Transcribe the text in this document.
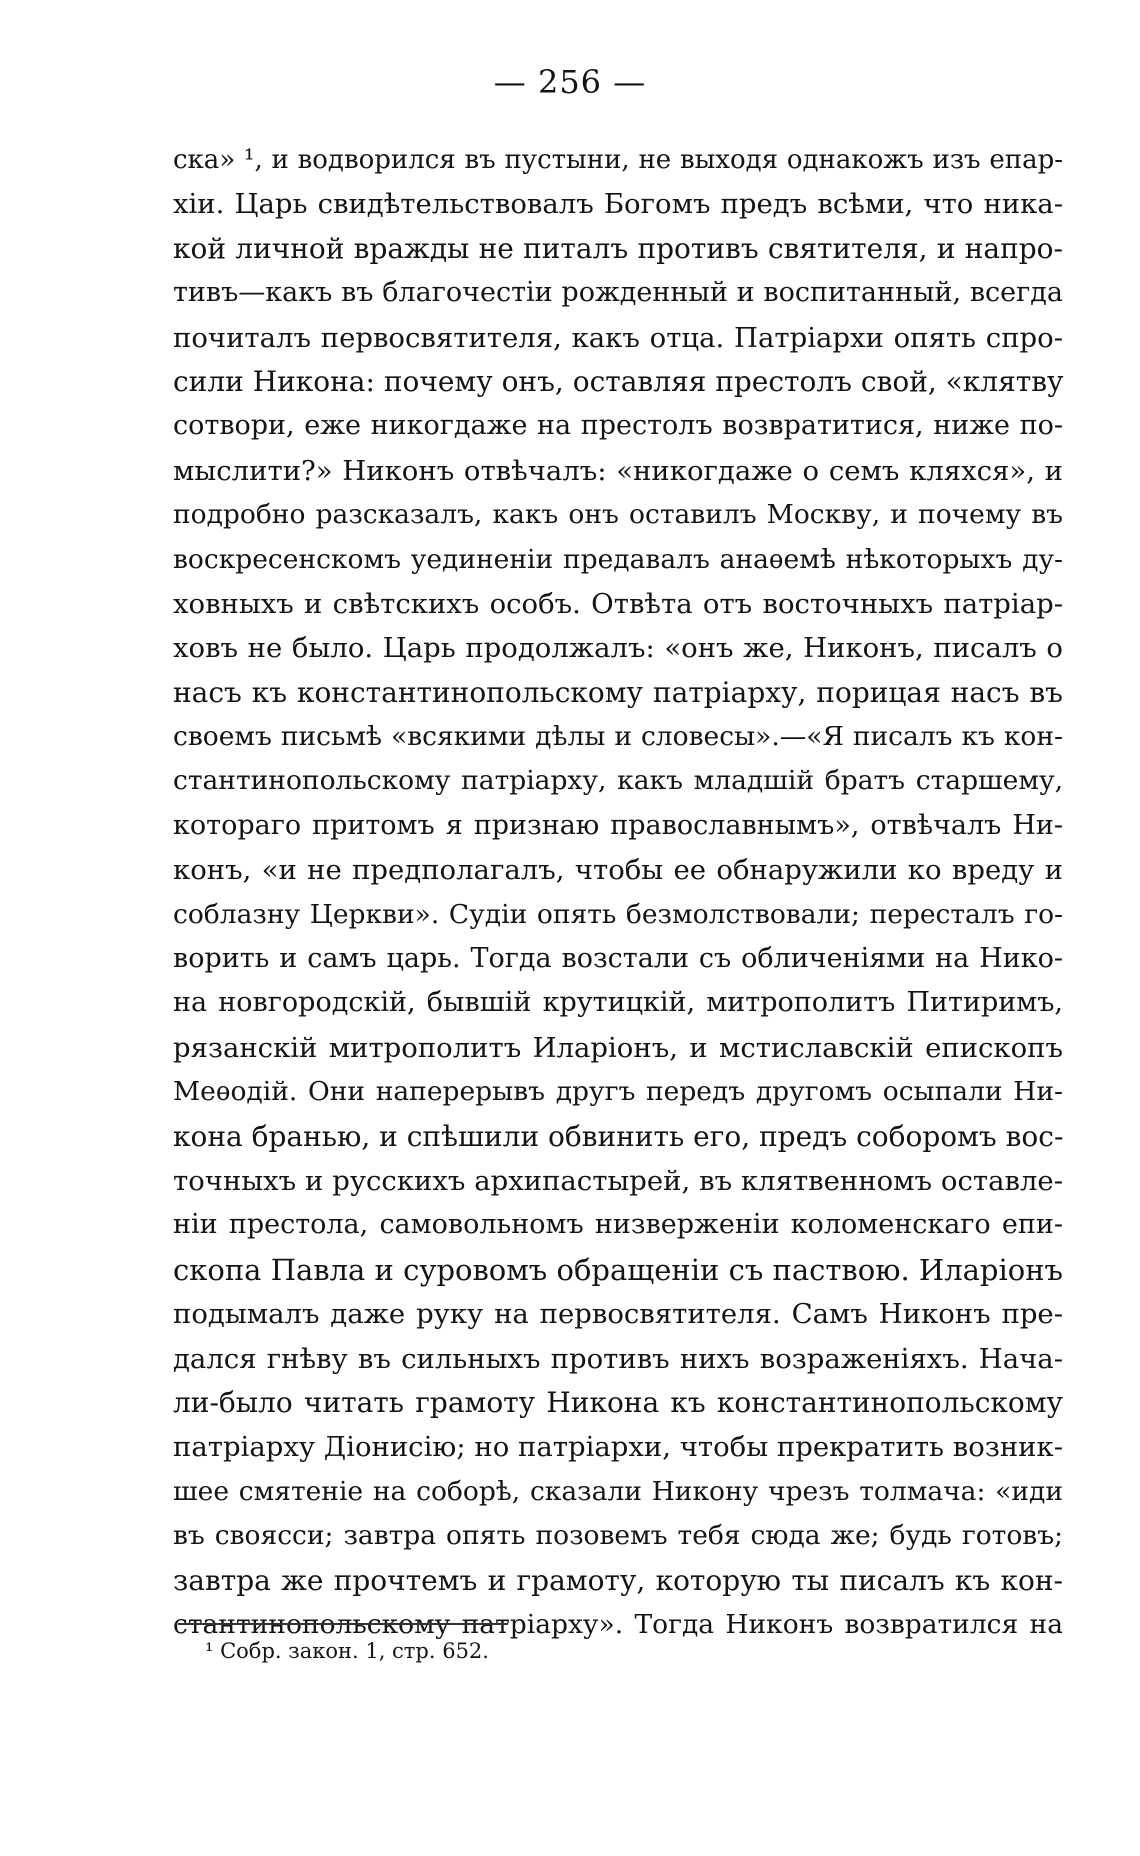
— 256 —
ска» ¹, и водворился въ пустыни, не выходя однакожъ изъ епар-
хіи. Царь свидѣтельствовалъ Богомъ предъ всѣми, что ника-
кой личной вражды не питалъ противъ святителя, и напро-
тивъ—какъ въ благочестіи рожденный и воспитанный, всегда
почиталъ первосвятителя, какъ отца. Патріархи опять спро-
сили Никона: почему онъ, оставляя престолъ свой, «клятву
сотвори, еже никогдаже на престолъ возвратитися, ниже по-
мыслити?» Никонъ отвѣчалъ: «никогдаже о семъ кляхся», и
подробно разсказалъ, какъ онъ оставилъ Москву, и почему въ
воскресенскомъ уединеніи предавалъ анаѳемѣ нѣкоторыхъ ду-
ховныхъ и свѣтскихъ особъ. Отвѣта отъ восточныхъ патріар-
ховъ не было. Царь продолжалъ: «онъ же, Никонъ, писалъ о
насъ къ константинопольскому патріарху, порицая насъ въ
своемъ письмѣ «всякими дѣлы и словесы».—«Я писалъ къ кон-
стантинопольскому патріарху, какъ младшій братъ старшему,
котораго притомъ я признаю православнымъ», отвѣчалъ Ни-
конъ, «и не предполагалъ, чтобы ее обнаружили ко вреду и
соблазну Церкви». Судіи опять безмолствовали; пересталъ го-
ворить и самъ царь. Тогда возстали съ обличеніями на Нико-
на новгородскій, бывшій крутицкій, митрополитъ Питиримъ,
рязанскій митрополитъ Иларіонъ, и мстиславскій епископъ
Меѳодій. Они наперерывъ другъ передъ другомъ осыпали Ни-
кона бранью, и спѣшили обвинить его, предъ соборомъ вос-
точныхъ и русскихъ архипастырей, въ клятвенномъ оставле-
ніи престола, самовольномъ низверженіи коломенскаго епи-
скопа Павла и суровомъ обращеніи съ паствою. Иларіонъ
подымалъ даже руку на первосвятителя. Самъ Никонъ пре-
дался гнѣву въ сильныхъ противъ нихъ возраженіяхъ. Нача-
ли-было читать грамоту Никона къ константинопольскому
патріарху Діонисію; но патріархи, чтобы прекратить возник-
шее смятеніе на соборѣ, сказали Никону чрезъ толмача: «иди
въ своясси; завтра опять позовемъ тебя сюда же; будь готовъ;
завтра же прочтемъ и грамоту, которую ты писалъ къ кон-
стантинопольскому патріарху». Тогда Никонъ возвратился на
¹ Собр. закон. 1, стр. 652.
